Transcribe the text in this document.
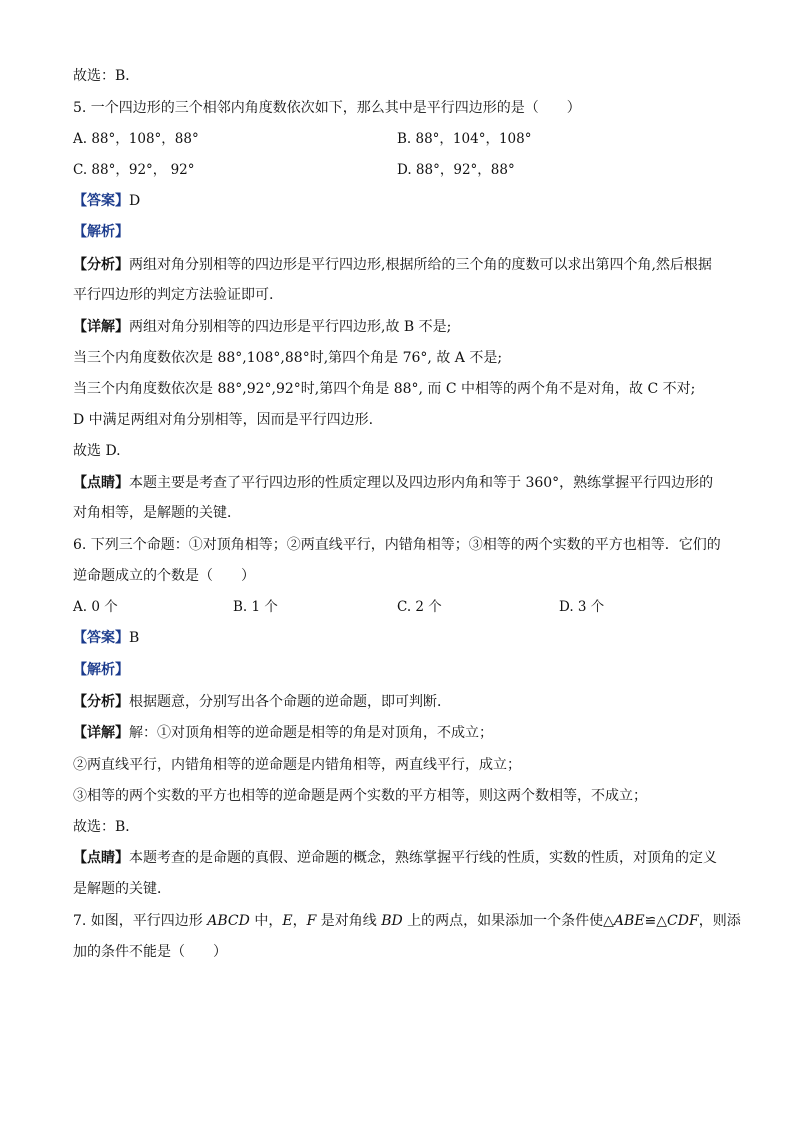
故选：B．
5. 一个四边形的三个相邻内角度数依次如下，那么其中是平行四边形的是（　　）
A. 88°，108°，88°	B. 88°，104°，108°
C. 88°，92°， 92°	D. 88°，92°，88°
【答案】D
【解析】
【分析】两组对角分别相等的四边形是平行四边形,根据所给的三个角的度数可以求出第四个角,然后根据
平行四边形的判定方法验证即可.
【详解】两组对角分别相等的四边形是平行四边形,故 B 不是;
当三个内角度数依次是 88°,108°,88°时,第四个角是 76°, 故 A 不是;
当三个内角度数依次是 88°,92°,92°时,第四个角是 88°, 而 C 中相等的两个角不是对角，故 C 不对;
D 中满足两组对角分别相等，因而是平行四边形.
故选 D.
【点睛】本题主要是考查了平行四边形的性质定理以及四边形内角和等于 360°，熟练掌握平行四边形的
对角相等，是解题的关键．
6. 下列三个命题：①对顶角相等；②两直线平行，内错角相等；③相等的两个实数的平方也相等．它们的
逆命题成立的个数是（　　）
A. 0 个	B. 1 个	C. 2 个	D. 3 个
【答案】B
【解析】
【分析】根据题意，分别写出各个命题的逆命题，即可判断．
【详解】解：①对顶角相等的逆命题是相等的角是对顶角，不成立；
②两直线平行，内错角相等的逆命题是内错角相等，两直线平行，成立；
③相等的两个实数的平方也相等的逆命题是两个实数的平方相等，则这两个数相等，不成立；
故选：B．
【点睛】本题考查的是命题的真假、逆命题的概念，熟练掌握平行线的性质，实数的性质，对顶角的定义
是解题的关键．
7. 如图，平行四边形 ABCD 中，E，F 是对角线 BD 上的两点，如果添加一个条件使△ABE≌△CDF，则添
加的条件不能是（　　）
